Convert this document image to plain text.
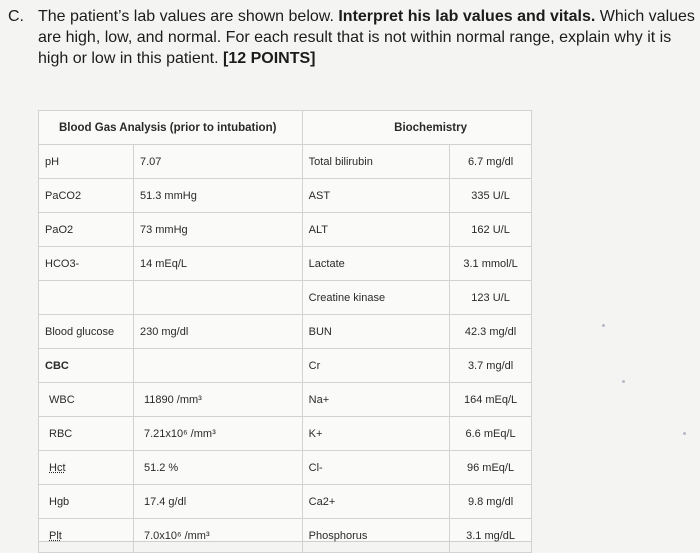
C. The patient’s lab values are shown below. Interpret his lab values and vitals. Which values are high, low, and normal. For each result that is not within normal range, explain why it is high or low in this patient. [12 POINTS]
Blood Gas Analysis (prior to intubation)		Biochemistry	
pH	7.07	Total bilirubin	6.7 mg/dl
PaCO2	51.3 mmHg	AST	335 U/L
PaO2	73 mmHg	ALT	162 U/L
HCO3-	14 mEq/L	Lactate	3.1 mmol/L
		Creatine kinase	123 U/L
Blood glucose	230 mg/dl	BUN	42.3 mg/dl
CBC		Cr	3.7 mg/dl
WBC	11890 /mm³	Na+	164 mEq/L
RBC	7.21x10⁶ /mm³	K+	6.6 mEq/L
Hct	51.2 %	Cl-	96 mEq/L
Hgb	17.4 g/dl	Ca2+	9.8 mg/dl
Plt	7.0x10⁶ /mm³	Phosphorus	3.1 mg/dL
